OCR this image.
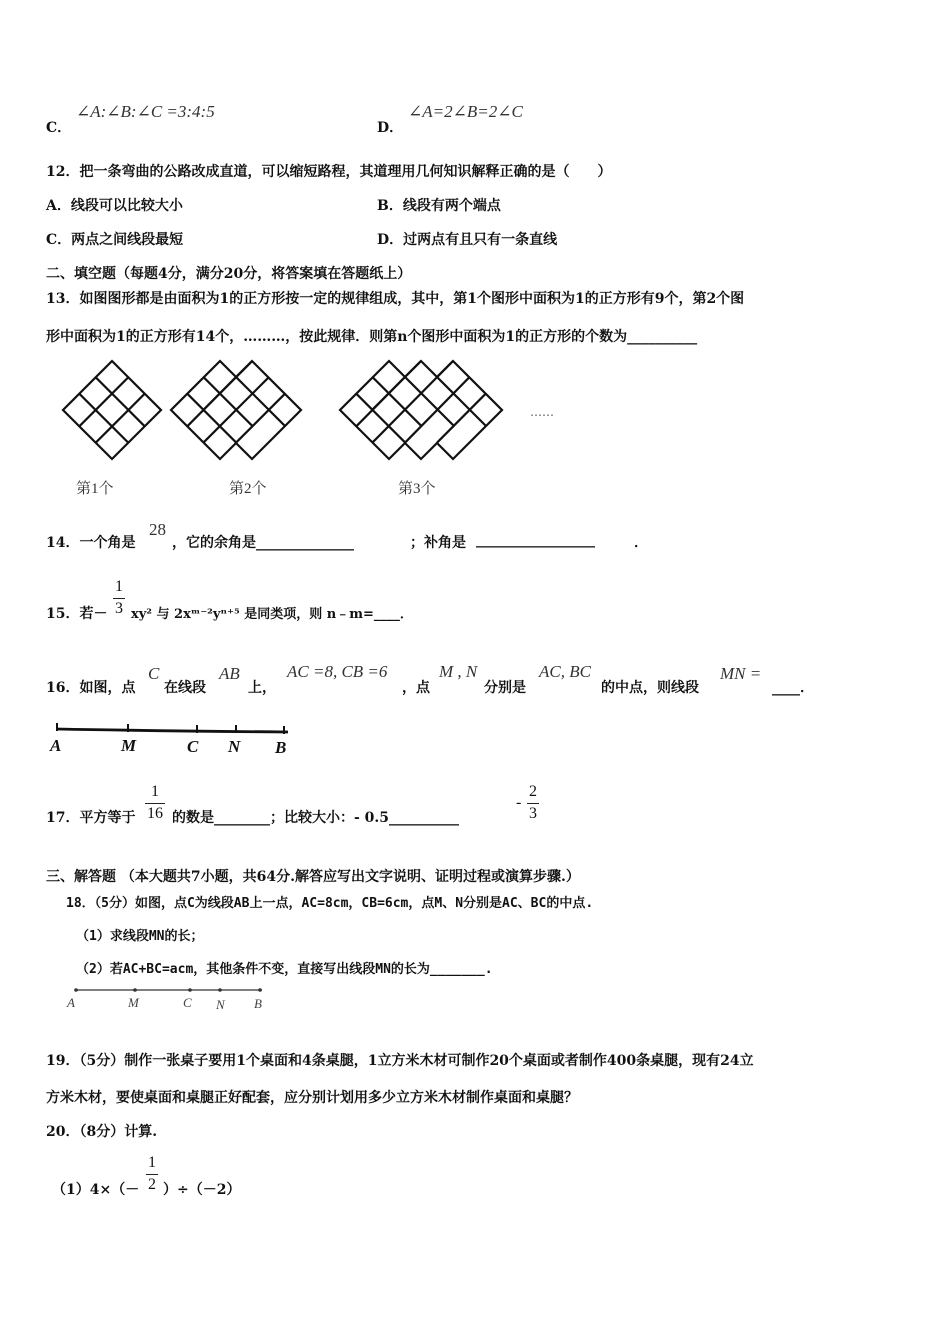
C．
∠A:∠B:∠C =3:4:5
D．
∠A=2∠B=2∠C
12．把一条弯曲的公路改成直道，可以缩短路程，其道理用几何知识解释正确的是（　　）
A．线段可以比较大小	B．线段有两个端点
C．两点之间线段最短	D．过两点有且只有一条直线
二、填空题（每题4分，满分20分，将答案填在答题纸上）
13．如图图形都是由面积为1的正方形按一定的规律组成，其中，第1个图形中面积为1的正方形有9个，第2个图
形中面积为1的正方形有14个，………，按此规律．则第n个图形中面积为1的正方形的个数为__________
……
第1个	第2个	第3个
14．一个角是
28
，它的余角是______________	；补角是 _________________	．
15．若－
1
3 xy² 与 2xᵐ⁻²yⁿ⁺⁵ 是同类项，则 n﹣m=____．
16．如图，点
C
在线段
AB
上，
AC =8, CB =6
，点
M , N
分别是
AC, BC
的中点，则线段
MN =
____．
A	M	C N B
17．平方等于
1
16 的数是________；比较大小：- 0.5__________
-
2
3
三、解答题 （本大题共7小题，共64分.解答应写出文字说明、证明过程或演算步骤.）
18．（5分）如图，点C为线段AB上一点，AC=8cm，CB=6cm，点M、N分别是AC、BC的中点.
（1）求线段MN的长；
（2）若AC+BC=acm，其他条件不变，直接写出线段MN的长为_______.
A	M	C N B
19．（5分）制作一张桌子要用1个桌面和4条桌腿，1立方米木材可制作20个桌面或者制作400条桌腿，现有24立
方米木材，要使桌面和桌腿正好配套，应分别计划用多少立方米木材制作桌面和桌腿？
20．（8分）计算.
（1）4×（－
1
2 ）÷（－2）
